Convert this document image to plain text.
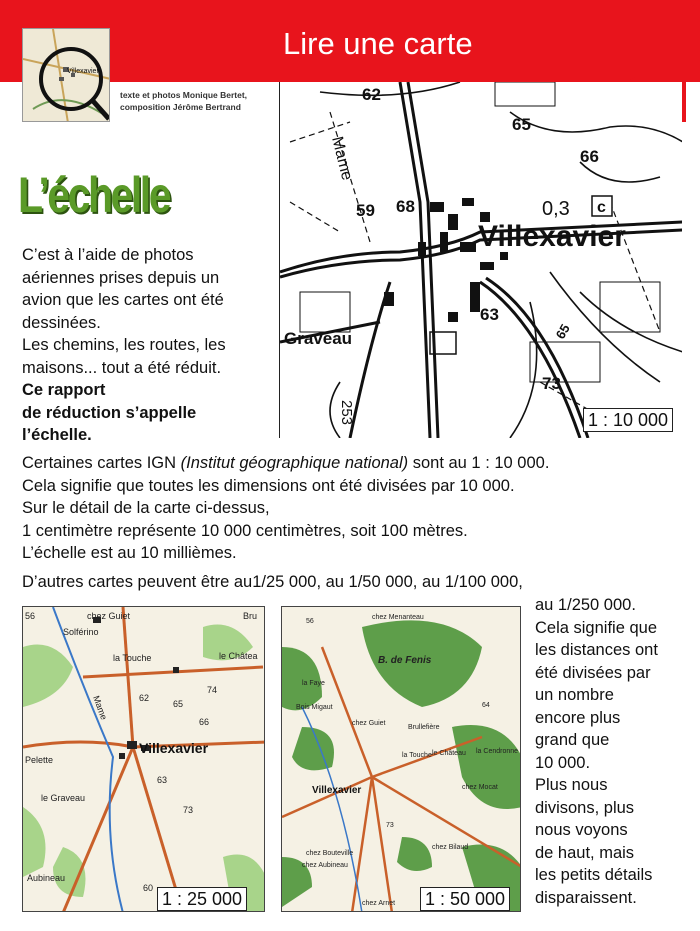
Lire une carte
Villexavier
texte et photos Monique Bertet,
composition Jérôme Bertrand
L’échelle

C’est à l’aide de photos

aériennes prises depuis un

avion que les cartes ont été

dessinées.

Les chemins, les routes, les

maisons... tout a été réduit.

Ce rapport

de réduction s’appelle

l’échelle.

Villexavier
Graveau
Mame
62
65
66
59 68	0,3 c
63
73
65
253	1 : 10 000

Certaines cartes IGN (Institut géographique national) sont au 1 : 10 000.

Cela signifie que toutes les dimensions ont été divisées par 10 000.

Sur le détail de la carte ci-dessus,

1 centimètre représente 10 000 centimètres, soit 100 mètres.

L’échelle est au 10 millièmes.

D’autres cartes peuvent être au1/25 000, au 1/50 000, au 1/100 000,
chez Guiet	Bru
Solférino
la Touche	le Châtea
Pelette
le Graveau
Aubineau
Mame
74
62
65
66
63
73
60
56
Villexavier
1 : 25 000
chez Menanteau
B. de Fenis
la Faye
Bois Migaut
chez Guiet
Brullefière
la Touche le Château la Cendronne
chez Mocat
chez Bouteville
chez Bilaud
chez Aubineau
chez Arnet
56
73
64
Villexavier
1 : 50 000

au 1/250 000.

Cela signifie que

les distances ont

été divisées par

un nombre

encore plus

grand que

10 000.

Plus nous

divisons, plus

nous voyons

de haut, mais

les petits détails

disparaissent.
